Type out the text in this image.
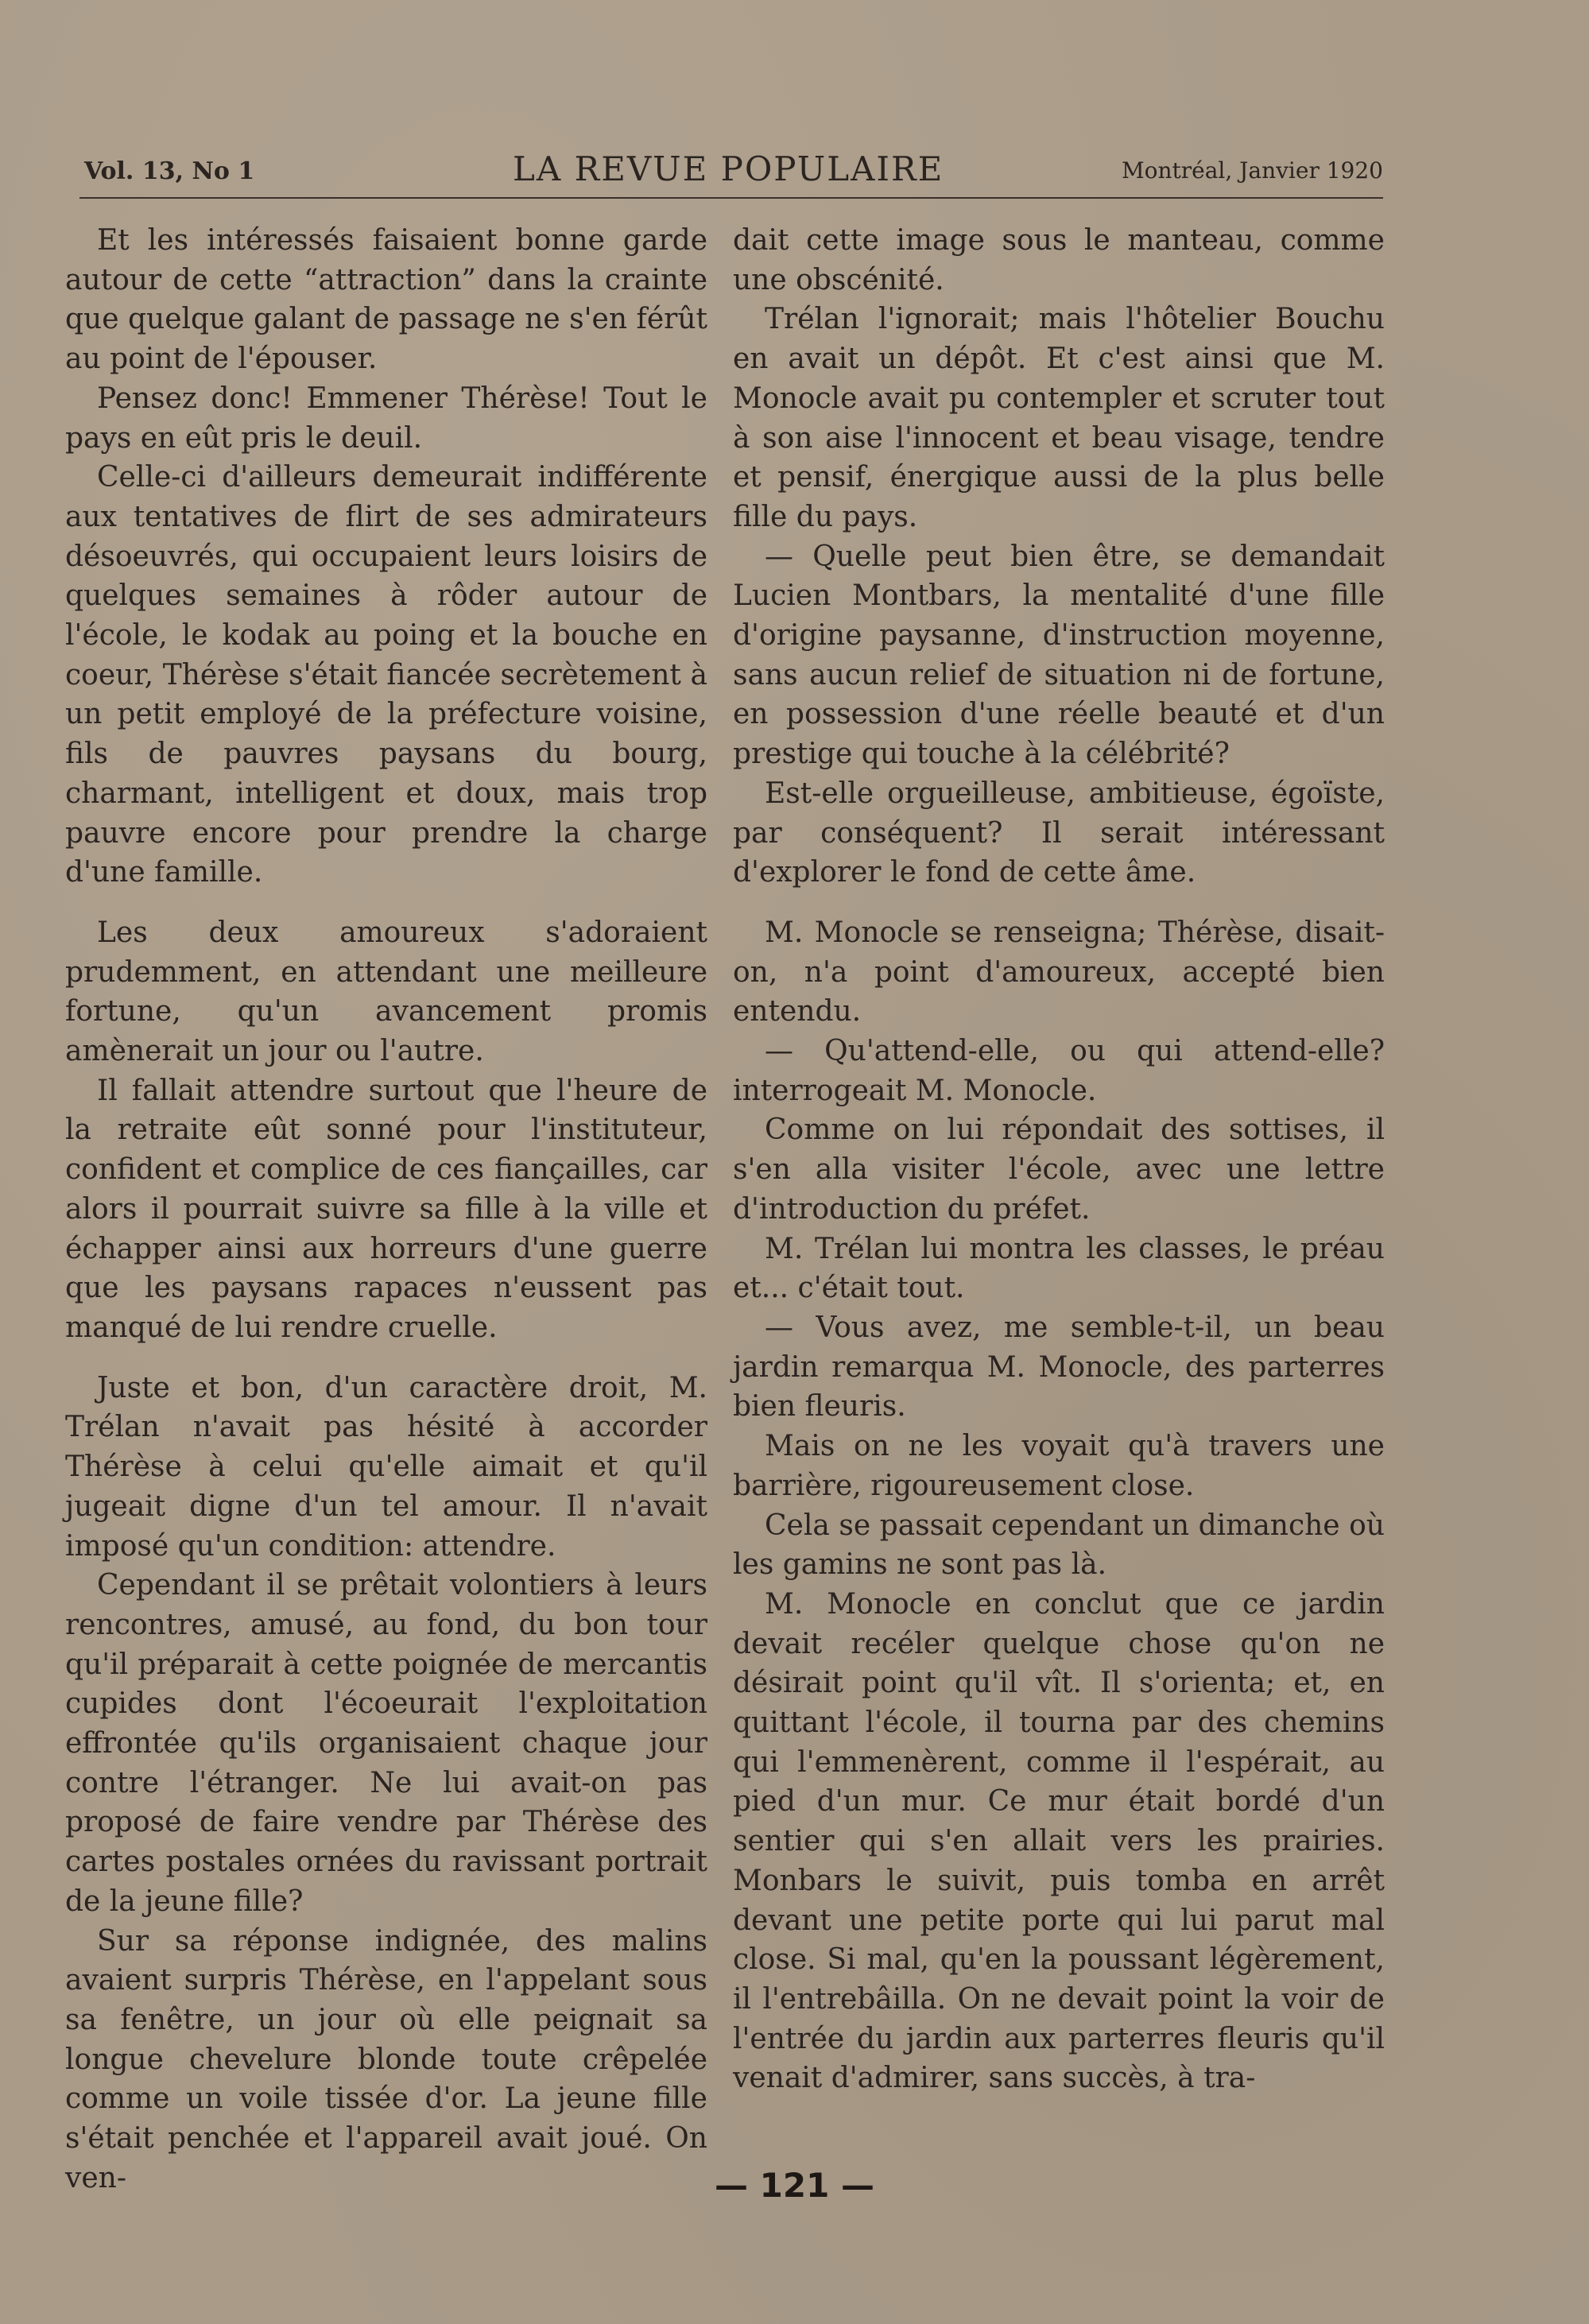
Vol. 13, No 1	LA REVUE POPULAIRE	Montréal, Janvier 1920

Et les intéressés faisaient bonne garde autour de cette “attraction” dans la crainte que quelque galant de passage ne s'en férût au point de l'épouser.

Pensez donc! Emmener Thérèse! Tout le pays en eût pris le deuil.

Celle-ci d'ailleurs demeurait indifférente aux tentatives de flirt de ses admirateurs désoeuvrés, qui occupaient leurs loisirs de quelques semaines à rôder autour de l'école, le kodak au poing et la bouche en coeur, Thérèse s'était fiancée secrètement à un petit employé de la préfecture voisine, fils de pauvres paysans du bourg, charmant, intelligent et doux, mais trop pauvre encore pour prendre la charge d'une famille.

Les deux amoureux s'adoraient prudemment, en attendant une meilleure fortune, qu'un avancement promis amènerait un jour ou l'autre.

Il fallait attendre surtout que l'heure de la retraite eût sonné pour l'instituteur, confident et complice de ces fiançailles, car alors il pourrait suivre sa fille à la ville et échapper ainsi aux horreurs d'une guerre que les paysans rapaces n'eussent pas manqué de lui rendre cruelle.

Juste et bon, d'un caractère droit, M. Trélan n'avait pas hésité à accorder Thérèse à celui qu'elle aimait et qu'il jugeait digne d'un tel amour. Il n'avait imposé qu'un condition: attendre.

Cependant il se prêtait volontiers à leurs rencontres, amusé, au fond, du bon tour qu'il préparait à cette poignée de mercantis cupides dont l'écoeurait l'exploitation effrontée qu'ils organisaient chaque jour contre l'étranger. Ne lui avait-on pas proposé de faire vendre par Thérèse des cartes postales ornées du ravissant portrait de la jeune fille?

Sur sa réponse indignée, des malins avaient surpris Thérèse, en l'appelant sous sa fenêtre, un jour où elle peignait sa longue chevelure blonde toute crêpelée comme un voile tissée d'or. La jeune fille s'était penchée et l'appareil avait joué. On ven-

dait cette image sous le manteau, comme une obscénité.

Trélan l'ignorait; mais l'hôtelier Bouchu en avait un dépôt. Et c'est ainsi que M. Monocle avait pu contempler et scruter tout à son aise l'innocent et beau visage, tendre et pensif, énergique aussi de la plus belle fille du pays.

— Quelle peut bien être, se demandait Lucien Montbars, la mentalité d'une fille d'origine paysanne, d'instruction moyenne, sans aucun relief de situation ni de fortune, en possession d'une réelle beauté et d'un prestige qui touche à la célébrité?

Est-elle orgueilleuse, ambitieuse, égoïste, par conséquent? Il serait intéressant d'explorer le fond de cette âme.

M. Monocle se renseigna; Thérèse, disait-on, n'a point d'amoureux, accepté bien entendu.

— Qu'attend-elle, ou qui attend-elle? interrogeait M. Monocle.

Comme on lui répondait des sottises, il s'en alla visiter l'école, avec une lettre d'introduction du préfet.

M. Trélan lui montra les classes, le préau et... c'était tout.

— Vous avez, me semble-t-il, un beau jardin remarqua M. Monocle, des parterres bien fleuris.

Mais on ne les voyait qu'à travers une barrière, rigoureusement close.

Cela se passait cependant un dimanche où les gamins ne sont pas là.

M. Monocle en conclut que ce jardin devait recéler quelque chose qu'on ne désirait point qu'il vît. Il s'orienta; et, en quittant l'école, il tourna par des chemins qui l'emmenèrent, comme il l'espérait, au pied d'un mur. Ce mur était bordé d'un sentier qui s'en allait vers les prairies. Monbars le suivit, puis tomba en arrêt devant une petite porte qui lui parut mal close. Si mal, qu'en la poussant légèrement, il l'entrebâilla. On ne devait point la voir de l'entrée du jardin aux parterres fleuris qu'il venait d'admirer, sans succès, à tra-

— 121 —
